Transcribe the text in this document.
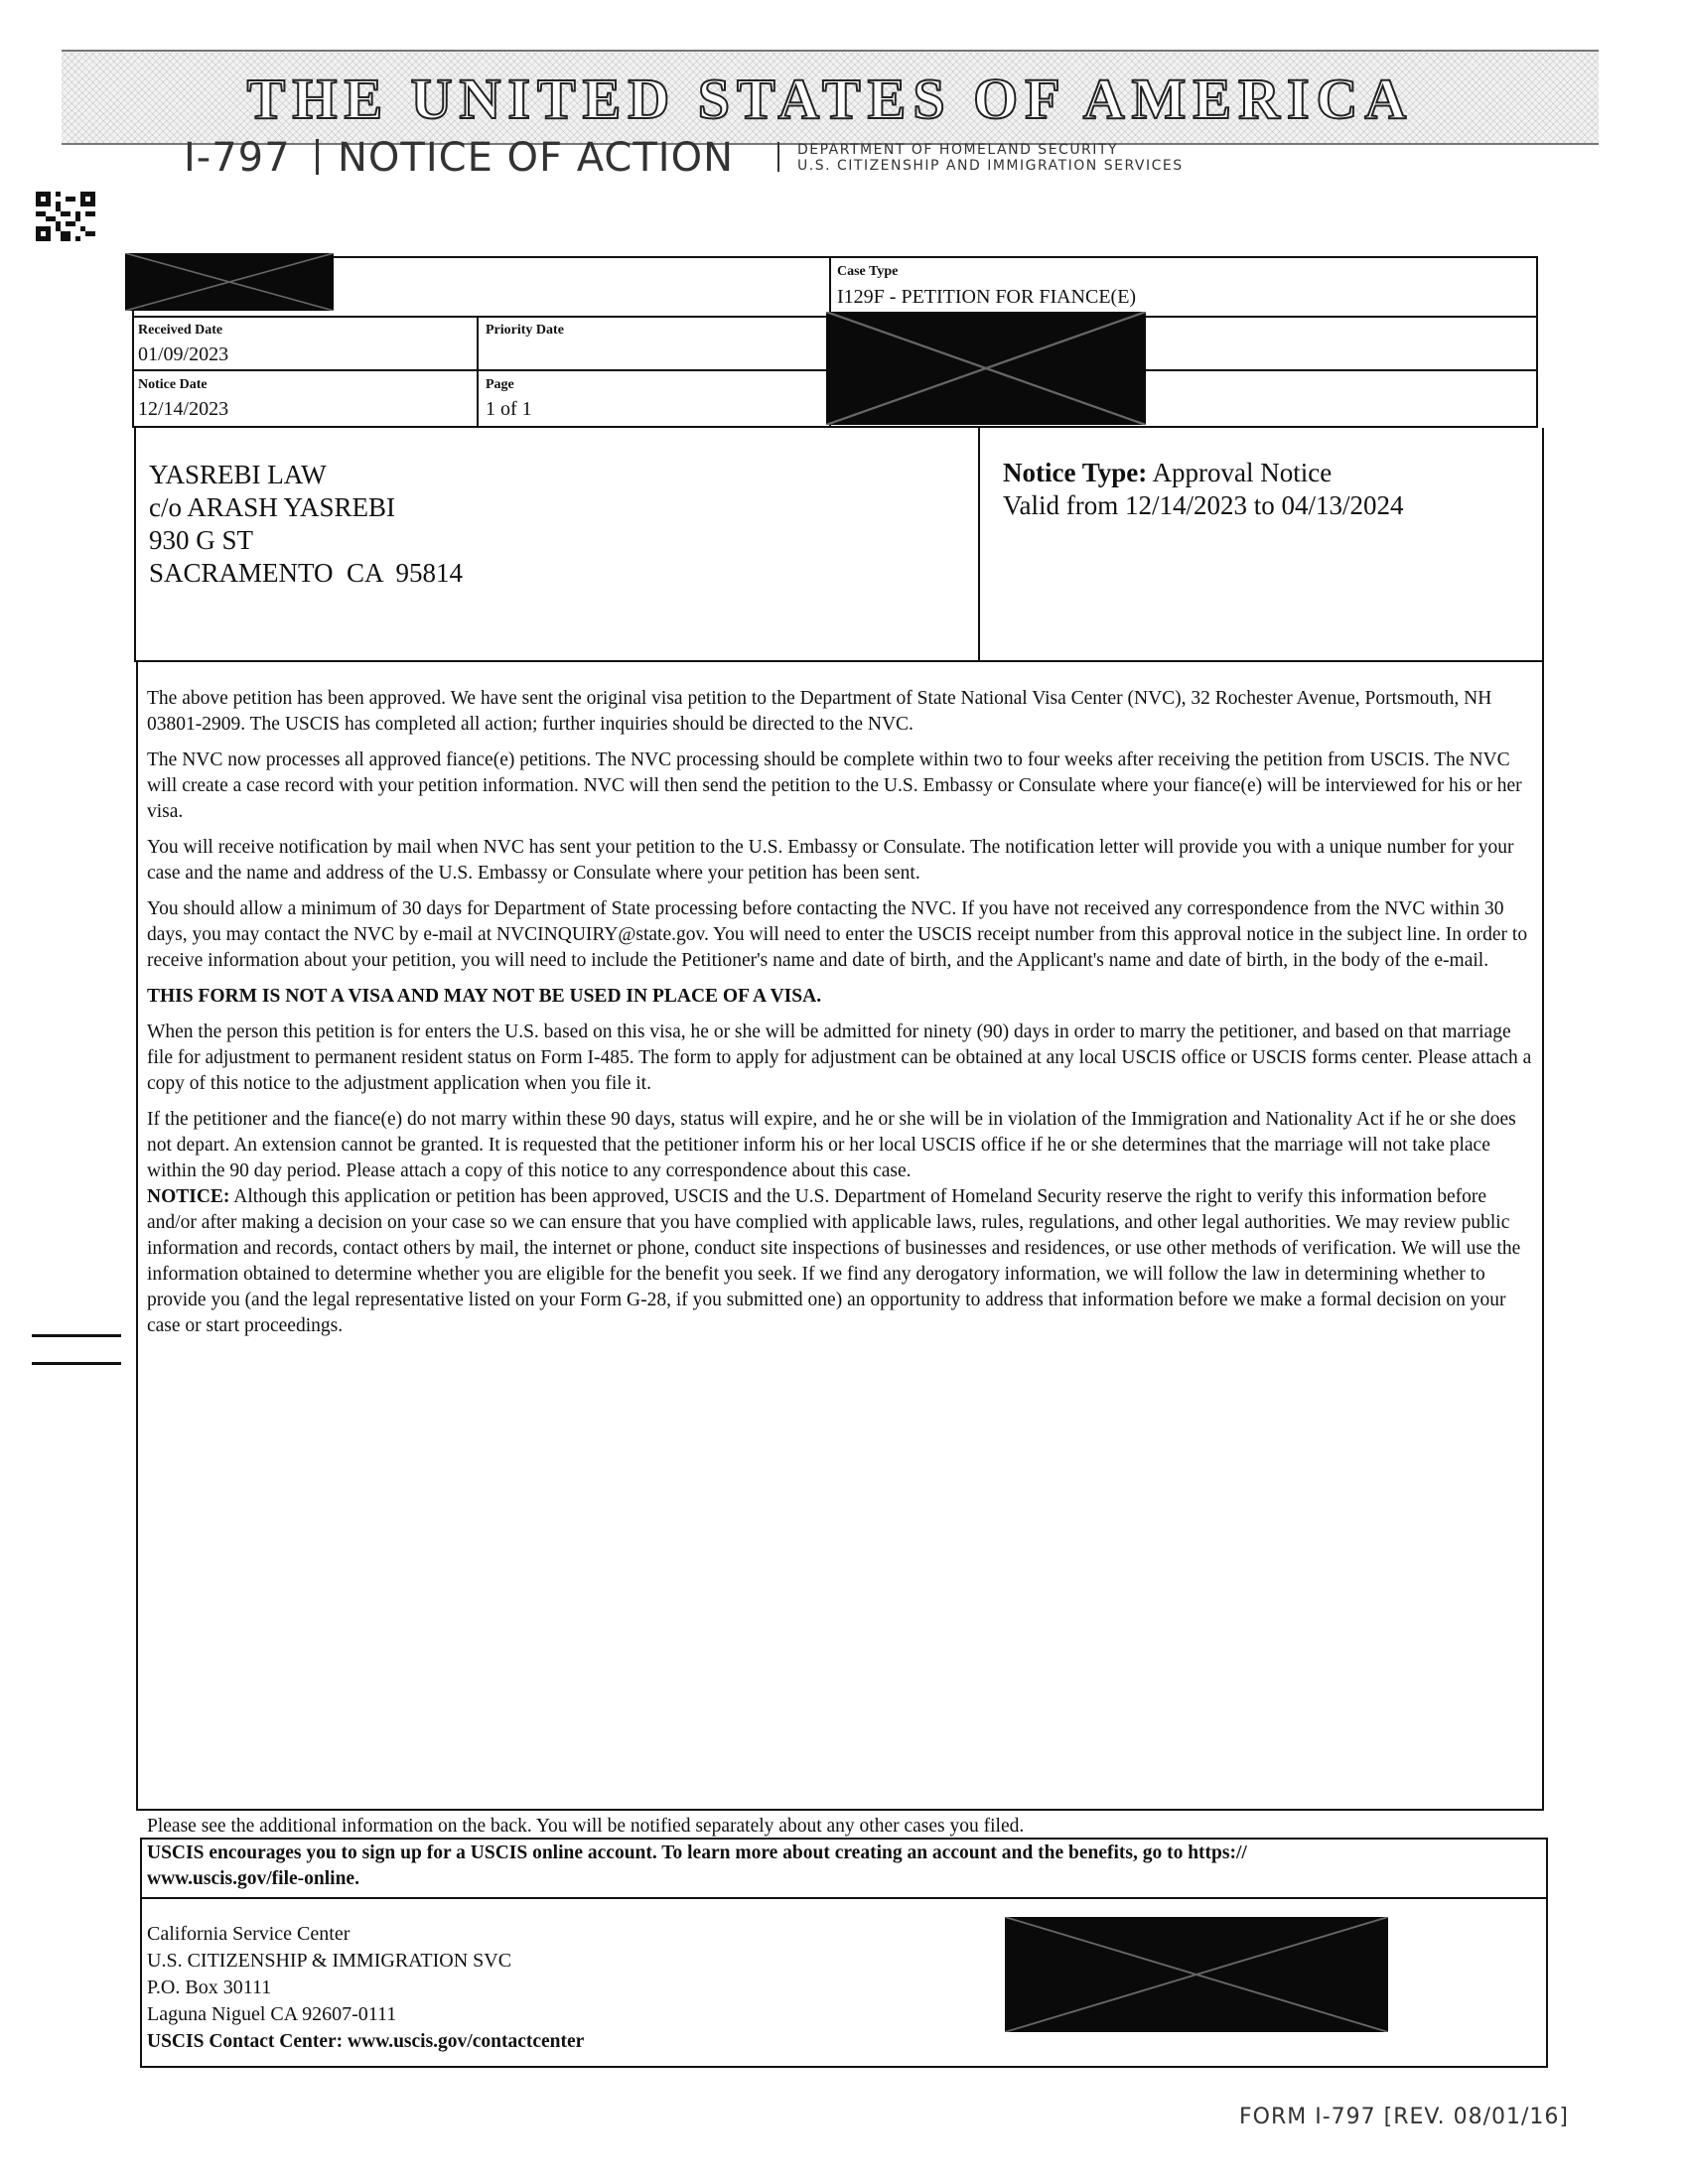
THE UNITED STATES OF AMERICA
I-797 NOTICE OF ACTION	DEPARTMENT OF HOMELAND SECURITY
U.S. CITIZENSHIP AND IMMIGRATION SERVICES
Case Type
I129F - PETITION FOR FIANCE(E)
Received Date
01/09/2023
Priority Date
Notice Date
12/14/2023
Page
1 of 1
YASREBI LAW
c/o ARASH YASREBI
930 G ST
SACRAMENTO  CA  95814
Notice Type: Approval Notice
Valid from 12/14/2023 to 04/13/2024

The above petition has been approved. We have sent the original visa petition to the Department of State National Visa Center (NVC), 32 Rochester Avenue, Portsmouth, NH 03801-2909. The USCIS has completed all action; further inquiries should be directed to the NVC.

The NVC now processes all approved fiance(e) petitions. The NVC processing should be complete within two to four weeks after receiving the petition from USCIS. The NVC will create a case record with your petition information. NVC will then send the petition to the U.S. Embassy or Consulate where your fiance(e) will be interviewed for his or her visa.

You will receive notification by mail when NVC has sent your petition to the U.S. Embassy or Consulate. The notification letter will provide you with a unique number for your case and the name and address of the U.S. Embassy or Consulate where your petition has been sent.

You should allow a minimum of 30 days for Department of State processing before contacting the NVC. If you have not received any correspondence from the NVC within 30 days, you may contact the NVC by e-mail at NVCINQUIRY@state.gov. You will need to enter the USCIS receipt number from this approval notice in the subject line. In order to receive information about your petition, you will need to include the Petitioner's name and date of birth, and the Applicant's name and date of birth, in the body of the e-mail.

THIS FORM IS NOT A VISA AND MAY NOT BE USED IN PLACE OF A VISA.

When the person this petition is for enters the U.S. based on this visa, he or she will be admitted for ninety (90) days in order to marry the petitioner, and based on that marriage file for adjustment to permanent resident status on Form I-485. The form to apply for adjustment can be obtained at any local USCIS office or USCIS forms center. Please attach a copy of this notice to the adjustment application when you file it.

If the petitioner and the fiance(e) do not marry within these 90 days, status will expire, and he or she will be in violation of the Immigration and Nationality Act if he or she does not depart. An extension cannot be granted. It is requested that the petitioner inform his or her local USCIS office if he or she determines that the marriage will not take place within the 90 day period. Please attach a copy of this notice to any correspondence about this case.

NOTICE: Although this application or petition has been approved, USCIS and the U.S. Department of Homeland Security reserve the right to verify this information before and/or after making a decision on your case so we can ensure that you have complied with applicable laws, rules, regulations, and other legal authorities. We may review public information and records, contact others by mail, the internet or phone, conduct site inspections of businesses and residences, or use other methods of verification. We will use the information obtained to determine whether you are eligible for the benefit you seek. If we find any derogatory information, we will follow the law in determining whether to provide you (and the legal representative listed on your Form G-28, if you submitted one) an opportunity to address that information before we make a formal decision on your case or start proceedings.

Please see the additional information on the back. You will be notified separately about any other cases you filed.
USCIS encourages you to sign up for a USCIS online account. To learn more about creating an account and the benefits, go to https://
www.uscis.gov/file-online.
California Service Center
U.S. CITIZENSHIP & IMMIGRATION SVC
P.O. Box 30111
Laguna Niguel CA 92607-0111
USCIS Contact Center: www.uscis.gov/contactcenter
FORM I-797 [REV. 08/01/16]
